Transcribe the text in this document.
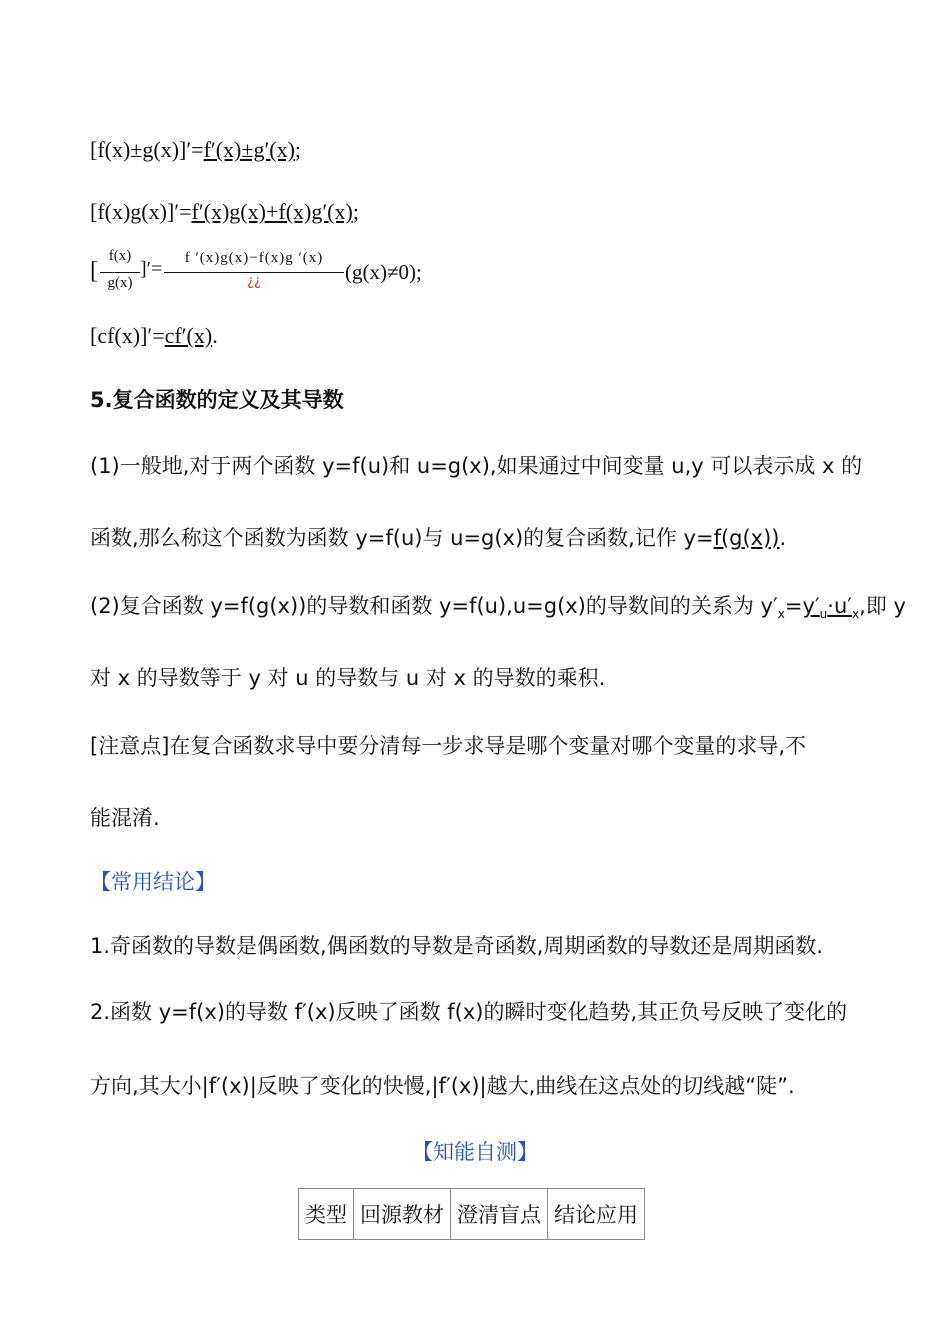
[f(x)±g(x)]′=f′(x)±g′(x);
[f(x)g(x)]′=f′(x)g(x)+f(x)g′(x);
[
f(x)
g(x)
]′=	f ′(x)g(x)−f(x)g ′(x)
¿¿	(g(x)≠0);
[cf(x)]′=cf′(x).
5.复合函数的定义及其导数
(1)一般地,对于两个函数 y=f(u)和 u=g(x),如果通过中间变量 u,y 可以表示成 x 的
函数,那么称这个函数为函数 y=f(u)与 u=g(x)的复合函数,记作 y=f(g(x)).
(2)复合函数 y=f(g(x))的导数和函数 y=f(u),u=g(x)的导数间的关系为 $y'_x=y'_u\cdot u'_x$,即 y
对 x 的导数等于 y 对 u 的导数与 u 对 x 的导数的乘积.
[注意点]在复合函数求导中要分清每一步求导是哪个变量对哪个变量的求导,不
能混淆.
【常用结论】
1.奇函数的导数是偶函数,偶函数的导数是奇函数,周期函数的导数还是周期函数.
2.函数 y=f(x)的导数 f′(x)反映了函数 f(x)的瞬时变化趋势,其正负号反映了变化的
方向,其大小|f′(x)|反映了变化的快慢,|f′(x)|越大,曲线在这点处的切线越“陡”.
【知能自测】
类型	回源教材	澄清盲点	结论应用
